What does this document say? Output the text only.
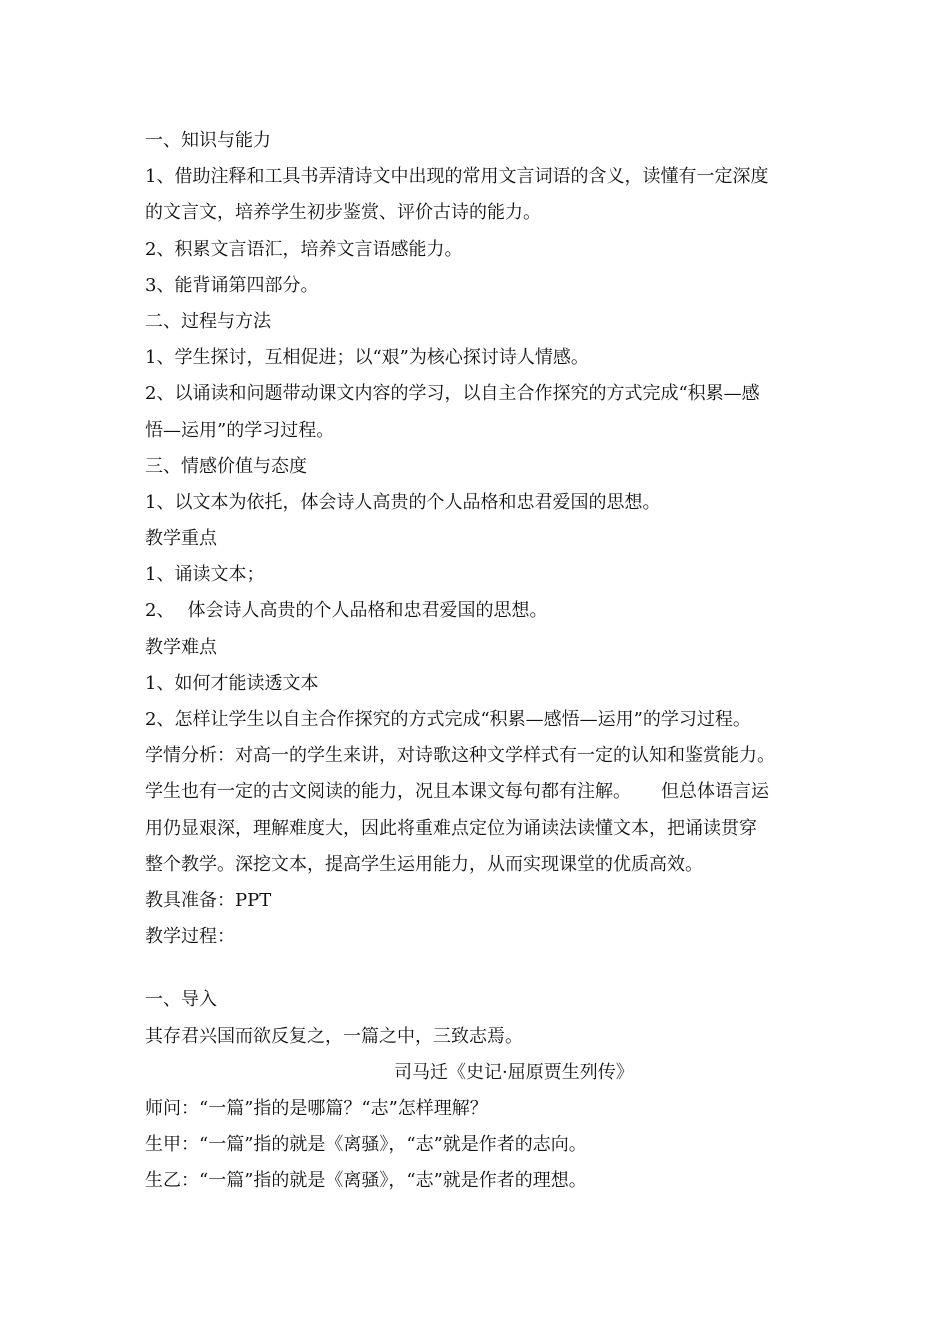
一、知识与能力
1、借助注释和工具书弄清诗文中出现的常用文言词语的含义，读懂有一定深度
的文言文，培养学生初步鉴赏、评价古诗的能力。
2、积累文言语汇，培养文言语感能力。
3、能背诵第四部分。
二、过程与方法
1、学生探讨，互相促进；以“艰”为核心探讨诗人情感。
2、以诵读和问题带动课文内容的学习，以自主合作探究的方式完成“积累—感
悟—运用”的学习过程。
三、情感价值与态度
1、以文本为依托，体会诗人高贵的个人品格和忠君爱国的思想。
教学重点
1、诵读文本；
2、 体会诗人高贵的个人品格和忠君爱国的思想。
教学难点
1、如何才能读透文本
2、怎样让学生以自主合作探究的方式完成“积累—感悟—运用”的学习过程。
学情分析：对高一的学生来讲，对诗歌这种文学样式有一定的认知和鉴赏能力。
学生也有一定的古文阅读的能力，况且本课文每句都有注解。 但总体语言运
用仍显艰深，理解难度大，因此将重难点定位为诵读法读懂文本，把诵读贯穿
整个教学。深挖文本，提高学生运用能力，从而实现课堂的优质高效。
教具准备：PPT
教学过程：
一、导入
其存君兴国而欲反复之，一篇之中，三致志焉。
司马迁《史记·屈原贾生列传》
师问：“一篇”指的是哪篇？“志”怎样理解？
生甲：“一篇”指的就是《离骚》，“志”就是作者的志向。
生乙：“一篇”指的就是《离骚》，“志”就是作者的理想。
